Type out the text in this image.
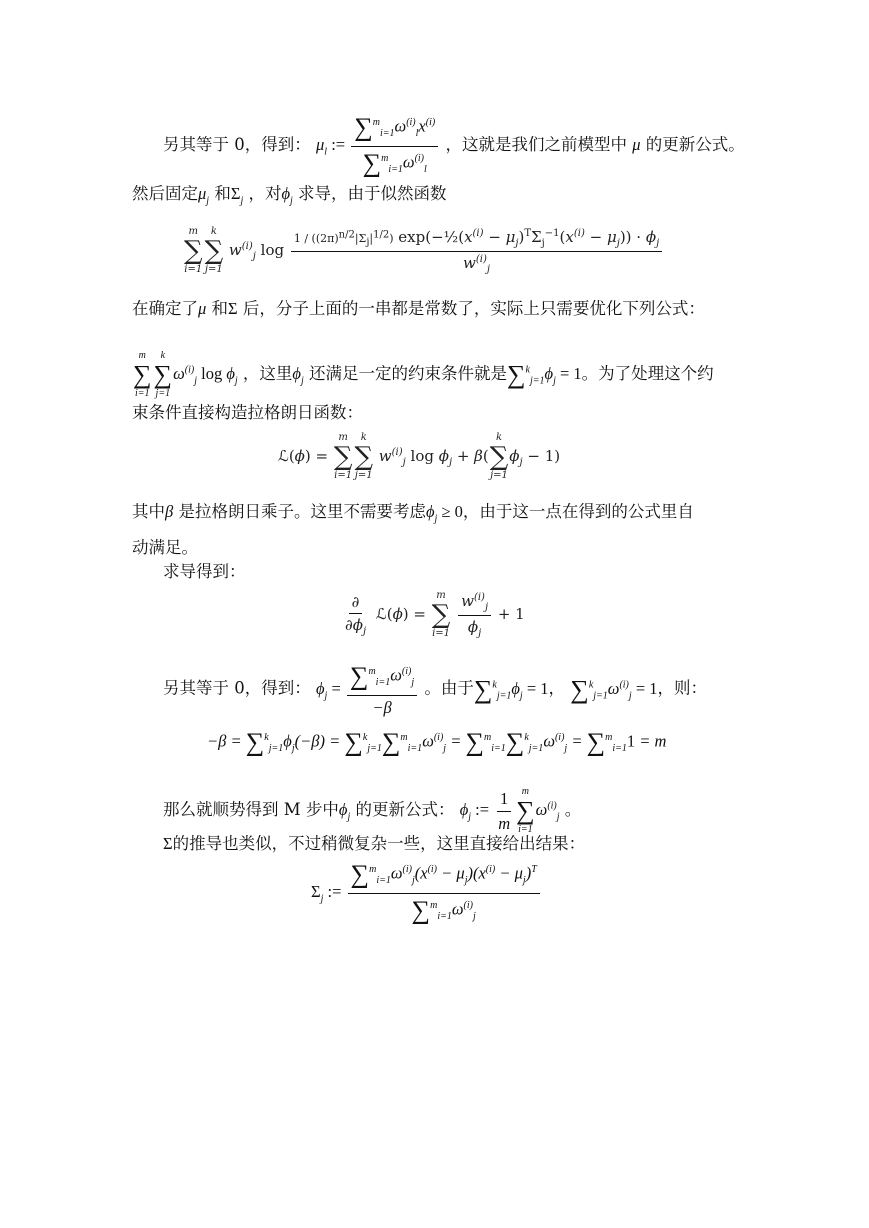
另其等于 0，得到： $\mu_l$ := $\frac{\sum^m_{i=1}\omega^{(i)}_lx^{(i)}}{\sum^m_{i=1}\omega^{(i)}_l}$ ，这就是我们之前模型中 μ 的更新公式。
然后固定$\mu_j$ 和$\Sigma_j$ ，对$\phi_j$ 求导，由于似然函数
m
∑
i=1
k
∑
j=1
$w^{(i)}_j$ $\log \frac{1 / ((2\pi)^{n/2}|\Sigma_j|^{1/2}) \exp(-\frac{1}{2}(x^{(i)} - \mu_j)^T\Sigma_j^{-1}(x^{(i)} - \mu_j)) \cdot \phi_j}{w^{(i)}_j}$
在确定了μ 和Σ 后，分子上面的一串都是常数了，实际上只需要优化下列公式：
m
∑
i=1
k
∑
j=1
$\omega^{(i)}_j$ $\log \phi_j$ ，这里$\phi_j$ 还满足一定的约束条件就是$\sum^k_{j=1}\phi_j = 1$。为了处理这个约
束条件直接构造拉格朗日函数：
ℒ(ϕ) =
m
∑
i=1
k
∑
j=1
$w^{(i)}_j$ $\log \phi_j + \beta$(
k
∑
j=1
$\phi_j - 1$)
其中β 是拉格朗日乘子。这里不需要考虑$\phi_j \ge 0$，由于这一点在得到的公式里自
动满足。
求导得到：
$\frac{\partial}{\partial\phi_j}$ ℒ(ϕ) =
m
∑
i=1
$\frac{w^{(i)}_j}{\phi_j} + 1$
另其等于 0，得到： $\phi_j = \frac{\sum^m_{i=1}\omega^{(i)}_j}{-\beta}$ 。由于$\sum^k_{j=1}\phi_j = 1$， $\sum^k_{j=1}\omega^{(i)}_j = 1$，则：
$-\beta = \sum^k_{j=1}\phi_j(-\beta) = \sum^k_{j=1}\sum^m_{i=1}\omega^{(i)}_j = \sum^m_{i=1}\sum^k_{j=1}\omega^{(i)}_j = \sum^m_{i=1}1 = m$
那么就顺势得到 M 步中$\phi_j$ 的更新公式： $\phi_j$ := $\frac{1}{m}$ m
∑
i=1
$\omega^{(i)}_j$ 。
Σ的推导也类似，不过稍微复杂一些，这里直接给出结果：
$\Sigma_j$ := $\frac{\sum^m_{i=1}\omega^{(i)}_j(x^{(i)} - \mu_j)(x^{(i)} - \mu_j)^T}{\sum^m_{i=1}\omega^{(i)}_j}$
